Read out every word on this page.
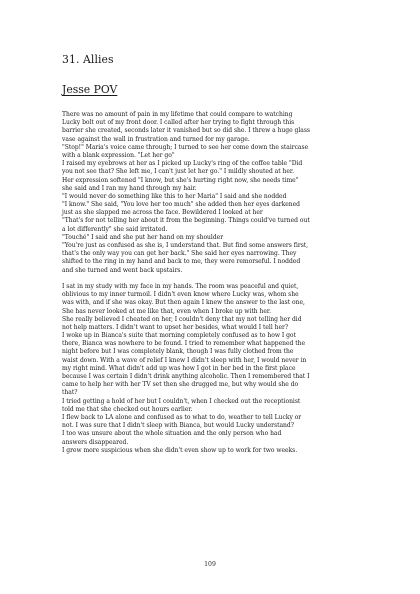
31. Allies
Jesse POV
There was no amount of pain in my lifetime that could compare to watching
Lucky bolt out of my front door. I called after her trying to fight through this
barrier she created, seconds later it vanished but so did she. I threw a huge glass
vase against the wall in frustration and turned for my garage.
"Stop!" Maria's voice came through; I turned to see her come down the staircase
with a blank expression. "Let her go"
I raised my eyebrows at her as I picked up Lucky's ring of the coffee table "Did
you not see that? She left me, I can't just let her go." I mildly shouted at her.
Her expression softened "I know, but she's hurting right now, she needs time"
she said and I ran my hand through my hair.
"I would never do something like this to her Maria" I said and she nodded
"I know." She said, "You love her too much" she added then her eyes darkened
just as she slapped me across the face. Bewildered I looked at her
"That's for not telling her about it from the beginning. Things could've turned out
a lot differently" she said irritated.
"Touché" I said and she put her hand on my shoulder
"You're just as confused as she is, I understand that. But find some answers first,
that's the only way you can get her back." She said her eyes narrowing. They
shifted to the ring in my hand and back to me, they were remorseful. I nodded
and she turned and went back upstairs.
I sat in my study with my face in my hands. The room was peaceful and quiet,
oblivious to my inner turmoil. I didn't even know where Lucky was, whom she
was with, and if she was okay. But then again I knew the answer to the last one,
She has never looked at me like that, even when I broke up with her.
She really believed I cheated on her, I couldn't deny that my not telling her did
not help matters. I didn't want to upset her besides, what would I tell her?
I woke up in Bianca's suite that morning completely confused as to how I got
there, Bianca was nowhere to be found. I tried to remember what happened the
night before but I was completely blank, though I was fully clothed from the
waist down. With a wave of relief I knew I didn't sleep with her, I would never in
my right mind. What didn't add up was how I got in her bed in the first place
because I was certain I didn't drink anything alcoholic. Then I remembered that I
came to help her with her TV set then she drugged me, but why would she do
that?
I tried getting a hold of her but I couldn't, when I checked out the receptionist
told me that she checked out hours earlier.
I flew back to LA alone and confused as to what to do, weather to tell Lucky or
not. I was sure that I didn't sleep with Bianca, but would Lucky understand?
I too was unsure about the whole situation and the only person who had
answers disappeared.
I grew more suspicious when she didn't even show up to work for two weeks.
109
